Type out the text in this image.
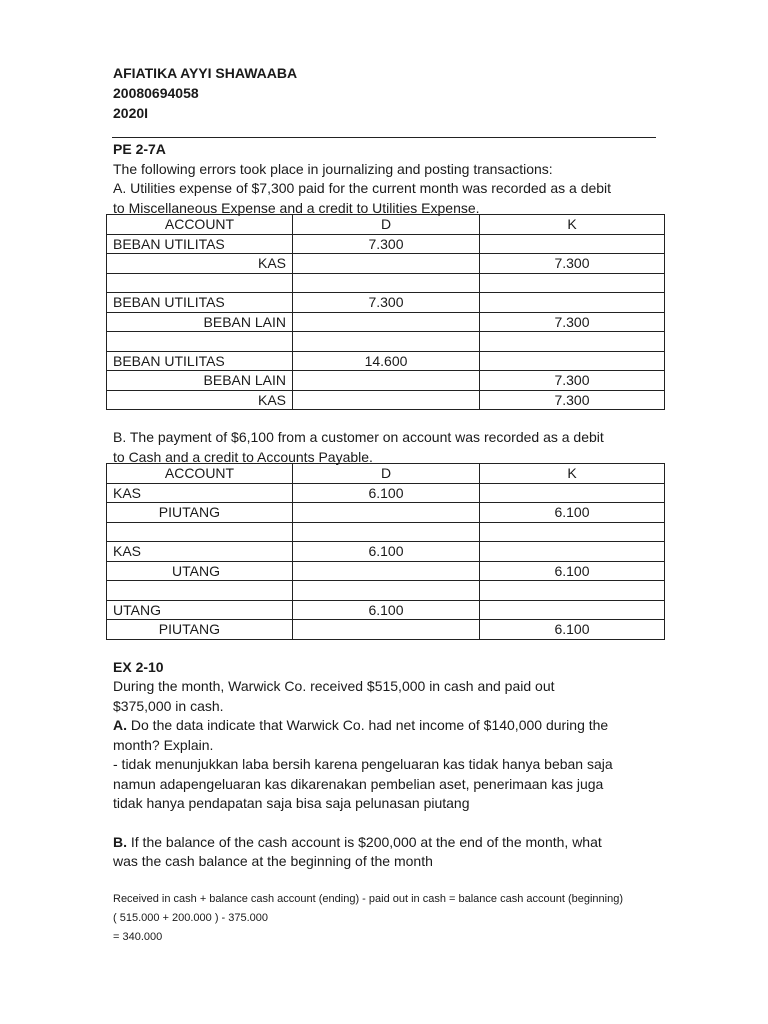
AFIATIKA AYYI SHAWAABA
20080694058
2020I

PE 2-7A

The following errors took place in journalizing and posting transactions:

A. Utilities expense of $7,300 paid for the current month was recorded as a debit

to Miscellaneous Expense and a credit to Utilities Expense.

ACCOUNT	D	K
BEBAN UTILITAS	7.300	
KAS		7.300

BEBAN UTILITAS	7.300	
BEBAN LAIN		7.300

BEBAN UTILITAS	14.600	
BEBAN LAIN		7.300
KAS		7.300

B. The payment of $6,100 from a customer on account was recorded as a debit

to Cash and a credit to Accounts Payable.

ACCOUNT	D	K
KAS	6.100	
PIUTANG		6.100

KAS	6.100	
UTANG		6.100

UTANG	6.100	
PIUTANG		6.100

EX 2-10

During the month, Warwick Co. received $515,000 in cash and paid out

$375,000 in cash.

A. Do the data indicate that Warwick Co. had net income of $140,000 during the

month? Explain.

- tidak menunjukkan laba bersih karena pengeluaran kas tidak hanya beban saja

namun adapengeluaran kas dikarenakan pembelian aset, penerimaan kas juga

tidak hanya pendapatan saja bisa saja pelunasan piutang

B. If the balance of the cash account is $200,000 at the end of the month, what

was the cash balance at the beginning of the month

Received in cash + balance cash account (ending) - paid out in cash = balance cash account (beginning)

( 515.000 + 200.000 ) - 375.000

= 340.000
